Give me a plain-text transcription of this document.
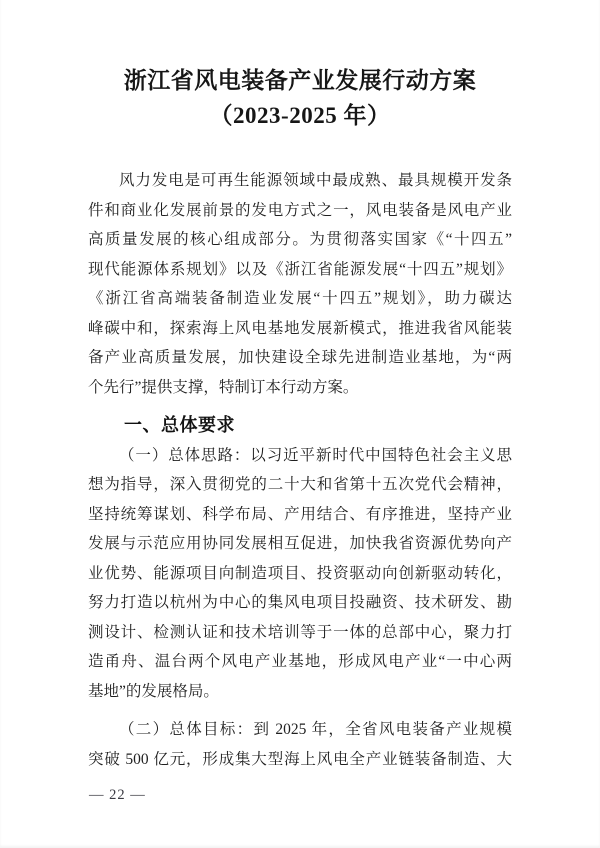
浙江省风电装备产业发展行动方案
（2023-2025 年）
风力发电是可再生能源领域中最成熟、最具规模开发条
件和商业化发展前景的发电方式之一，风电装备是风电产业
高质量发展的核心组成部分。为贯彻落实国家《“十四五”
现代能源体系规划》以及《浙江省能源发展“十四五”规划》
《浙江省高端装备制造业发展“十四五”规划》，助力碳达
峰碳中和，探索海上风电基地发展新模式，推进我省风能装
备产业高质量发展，加快建设全球先进制造业基地，为“两
个先行”提供支撑，特制订本行动方案。
一、总体要求
（一）总体思路：以习近平新时代中国特色社会主义思
想为指导，深入贯彻党的二十大和省第十五次党代会精神，
坚持统筹谋划、科学布局、产用结合、有序推进，坚持产业
发展与示范应用协同发展相互促进，加快我省资源优势向产
业优势、能源项目向制造项目、投资驱动向创新驱动转化，
努力打造以杭州为中心的集风电项目投融资、技术研发、勘
测设计、检测认证和技术培训等于一体的总部中心，聚力打
造甬舟、温台两个风电产业基地，形成风电产业“一中心两
基地”的发展格局。
（二）总体目标：到 2025 年，全省风电装备产业规模
突破 500 亿元，形成集大型海上风电全产业链装备制造、大
— 22 —
